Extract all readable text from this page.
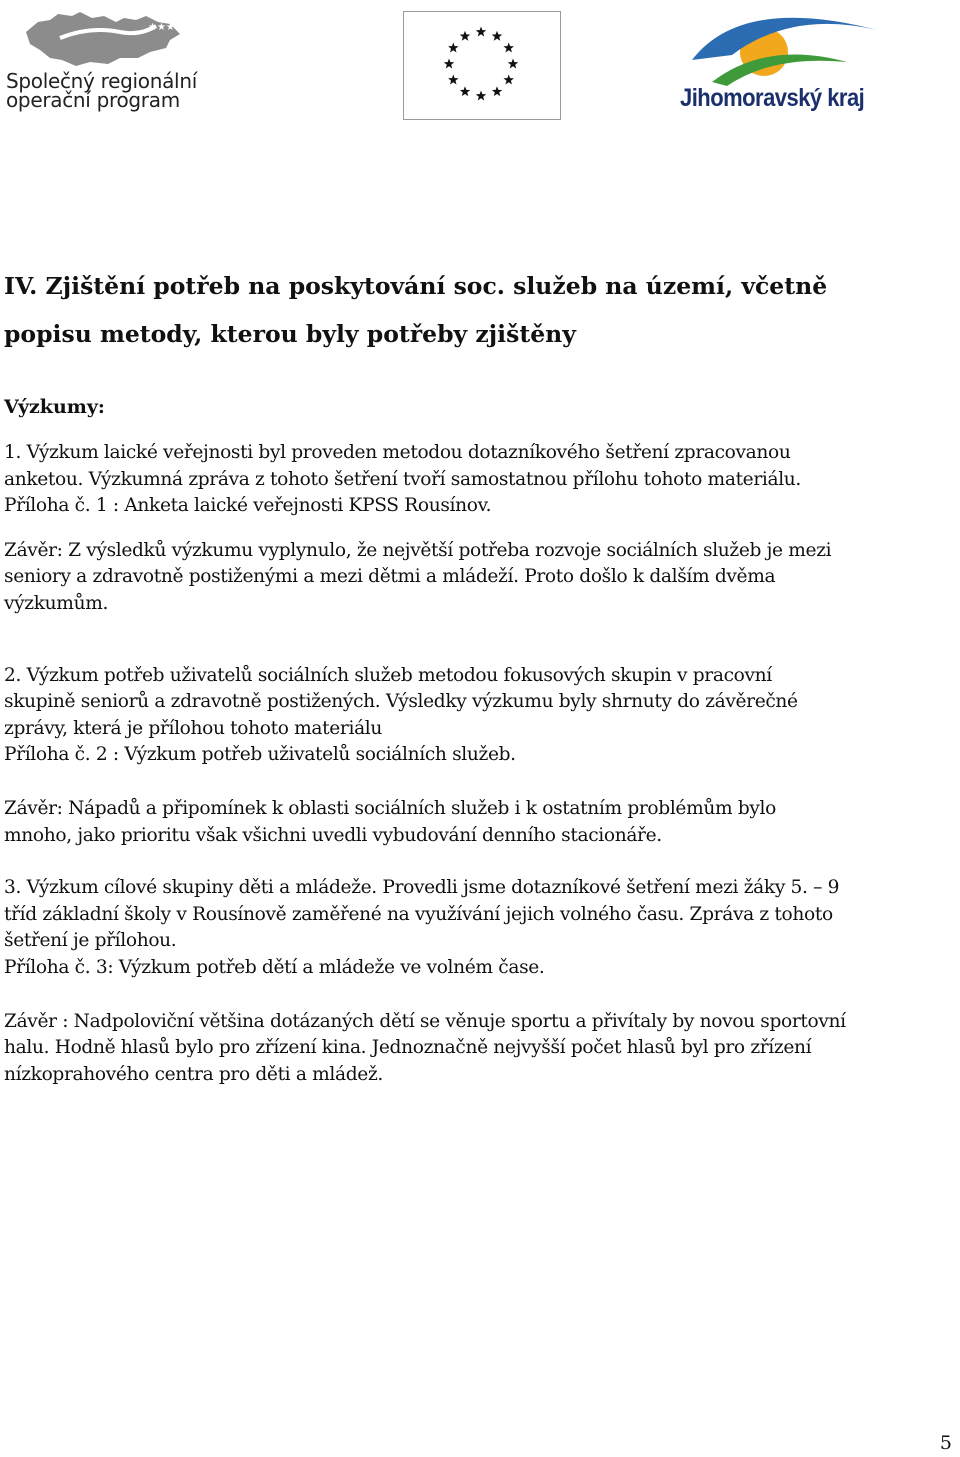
★★★
Společný regionální
operační program	Jihomoravský kraj
IV. Zjištění potřeb na poskytování soc. služeb na území, včetně
popisu metody, kterou byly potřeby zjištěny
Výzkumy:

1. Výzkum laické veřejnosti byl proveden metodou dotazníkového šetření zpracovanou

anketou. Výzkumná zpráva z tohoto šetření tvoří samostatnou přílohu tohoto materiálu.

Příloha č. 1 : Anketa laické veřejnosti KPSS Rousínov.

Závěr: Z výsledků výzkumu vyplynulo, že největší potřeba rozvoje sociálních služeb je mezi

seniory a zdravotně postiženými a mezi dětmi a mládeží. Proto došlo k dalším dvěma

výzkumům.

2. Výzkum potřeb uživatelů sociálních služeb metodou fokusových skupin v pracovní

skupině seniorů a zdravotně postižených. Výsledky výzkumu byly shrnuty do závěrečné

zprávy, která je přílohou tohoto materiálu

Příloha č. 2 : Výzkum potřeb uživatelů sociálních služeb.

Závěr: Nápadů a připomínek k oblasti sociálních služeb i k ostatním problémům bylo

mnoho, jako prioritu však všichni uvedli vybudování denního stacionáře.

3. Výzkum cílové skupiny děti a mládeže. Provedli jsme dotazníkové šetření mezi žáky 5. – 9

tříd základní školy v Rousínově zaměřené na využívání jejich volného času. Zpráva z tohoto

šetření je přílohou.

Příloha č. 3: Výzkum potřeb dětí a mládeže ve volném čase.

Závěr : Nadpoloviční většina dotázaných dětí se věnuje sportu a přivítaly by novou sportovní

halu. Hodně hlasů bylo pro zřízení kina. Jednoznačně nejvyšší počet hlasů byl pro zřízení

nízkoprahového centra pro děti a mládež.

5
